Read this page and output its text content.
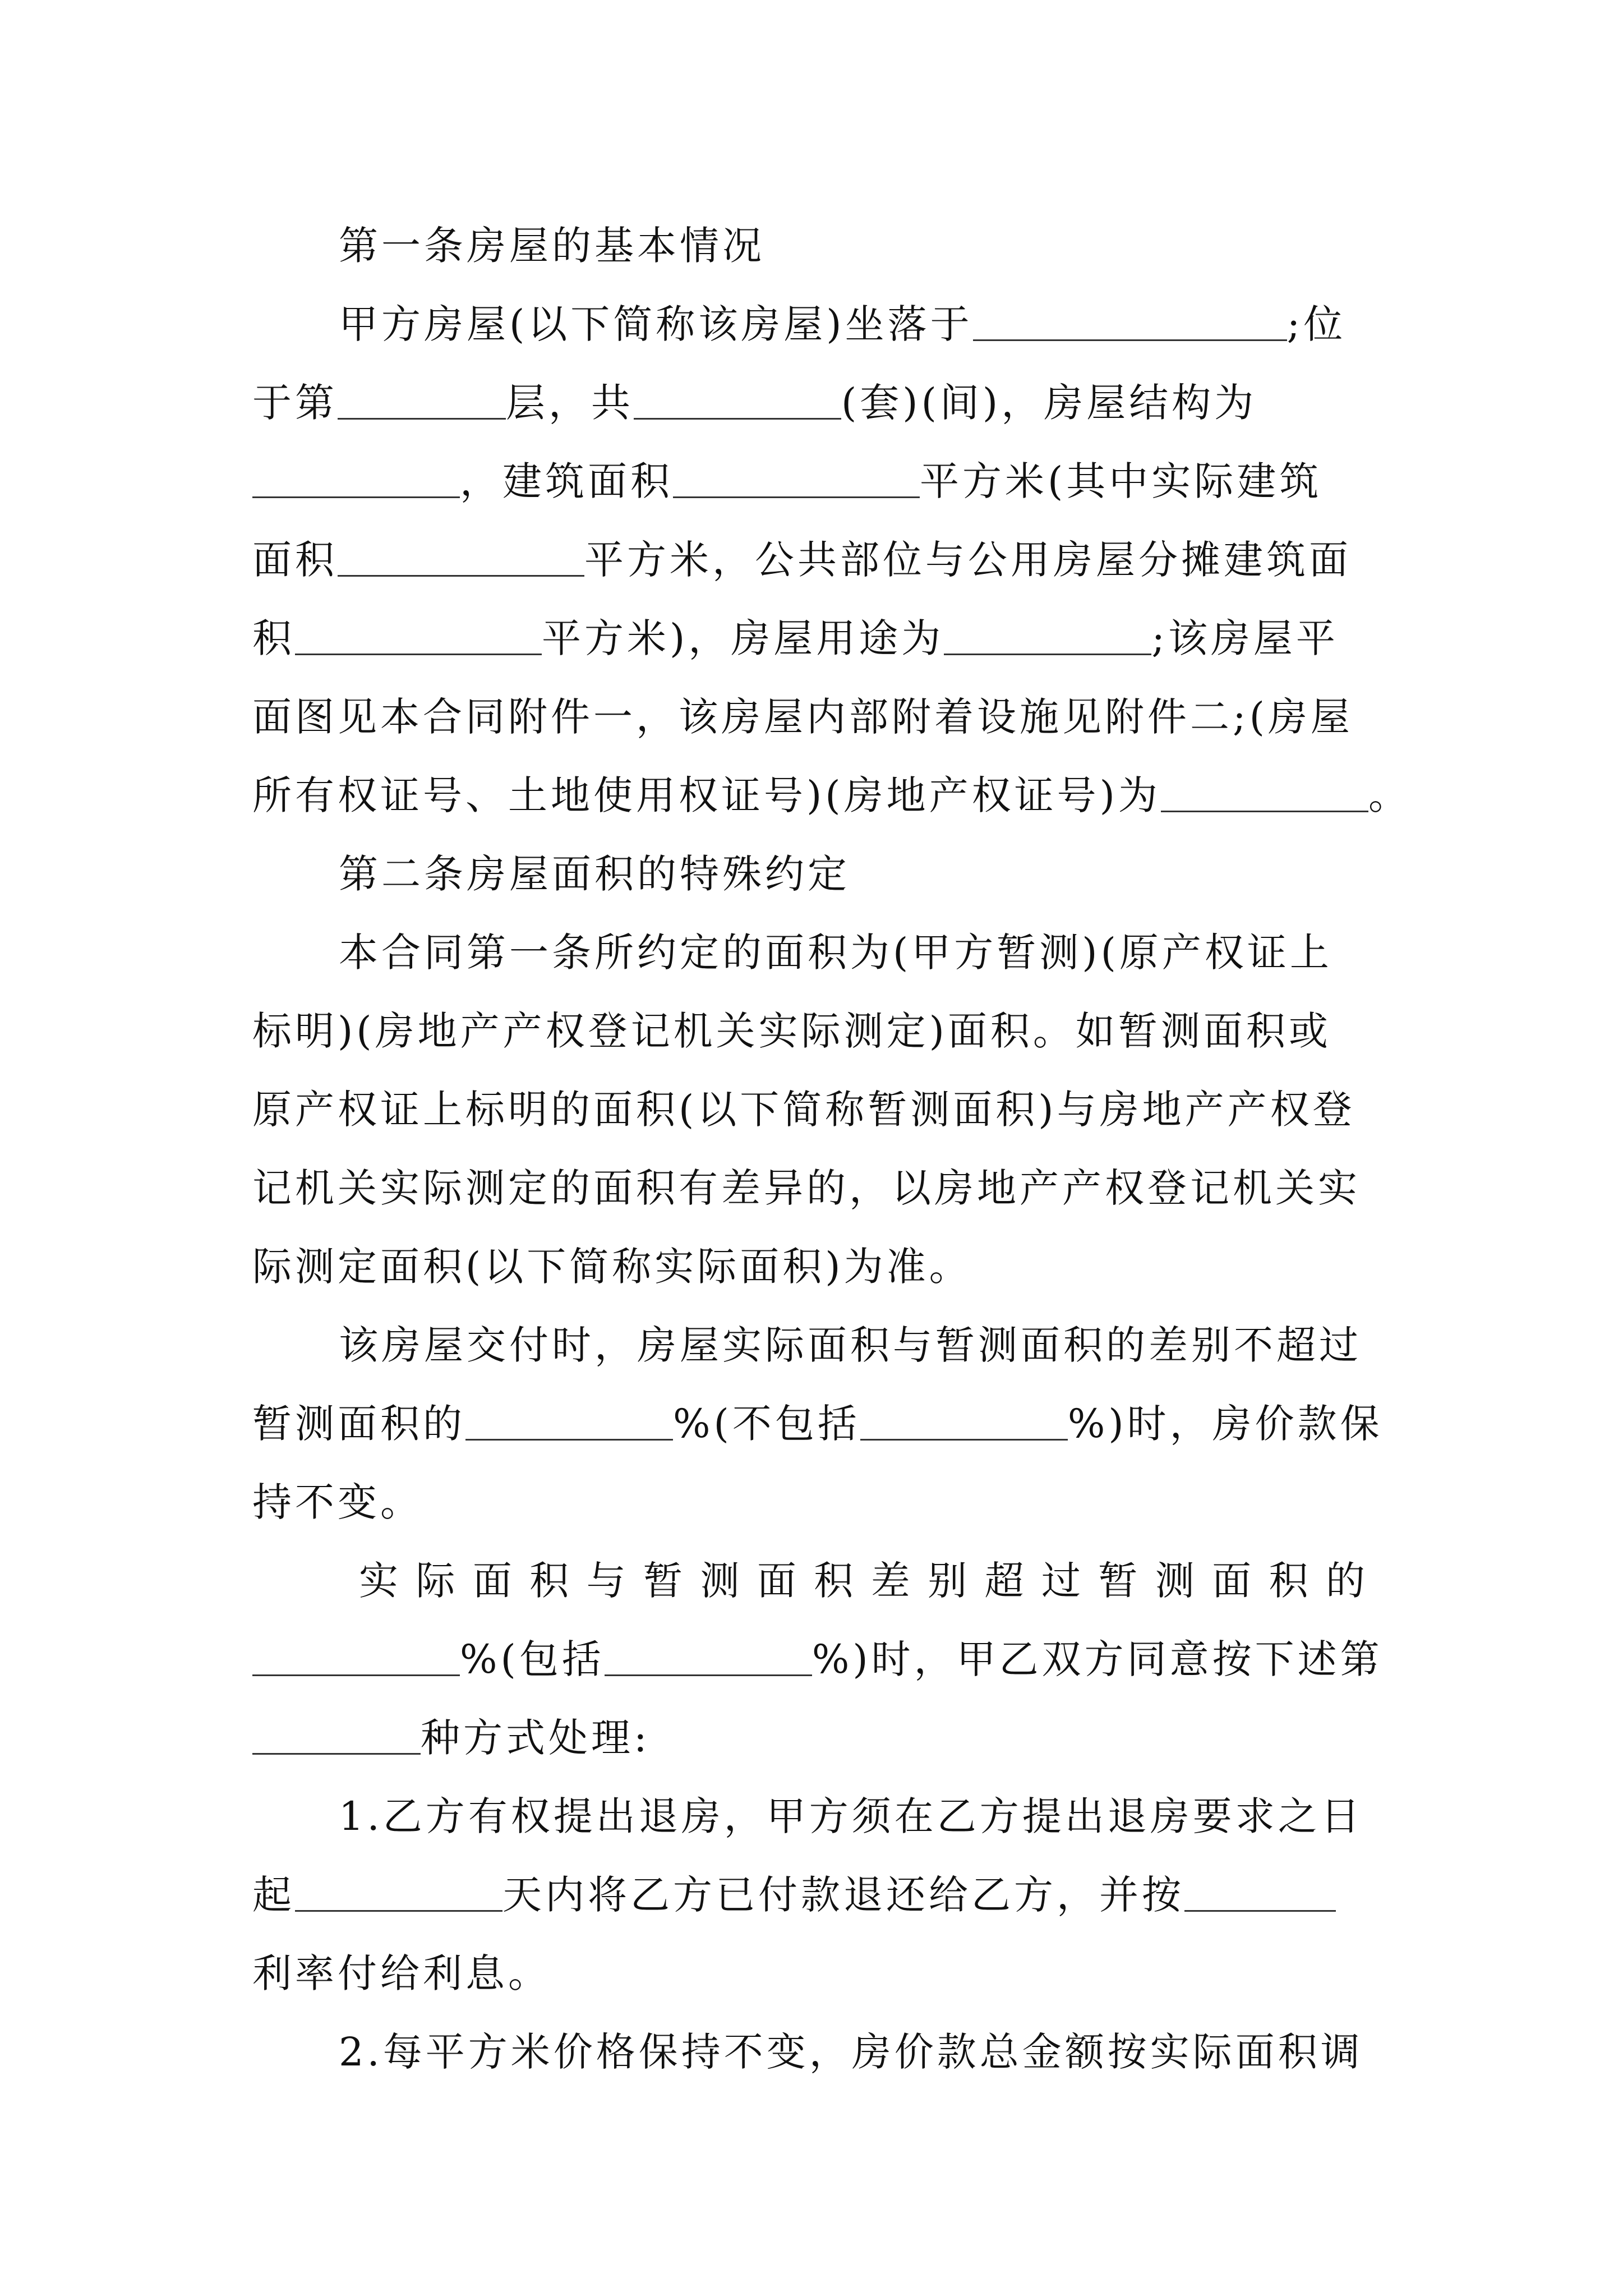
第一条房屋的基本情况

甲方房屋(以下简称该房屋)坐落于	;位

于第	层，共	(套)(间)，房屋结构为

，建筑面积	平方米(其中实际建筑

面积	平方米，公共部位与公用房屋分摊建筑面

积	平方米)，房屋用途为	;该房屋平

面图见本合同附件一，该房屋内部附着设施见附件二;(房屋

所有权证号、土地使用权证号)(房地产权证号)为	。

第二条房屋面积的特殊约定

本合同第一条所约定的面积为(甲方暂测)(原产权证上

标明)(房地产产权登记机关实际测定)面积。如暂测面积或

原产权证上标明的面积(以下简称暂测面积)与房地产产权登

记机关实际测定的面积有差异的，以房地产产权登记机关实

际测定面积(以下简称实际面积)为准。

该房屋交付时，房屋实际面积与暂测面积的差别不超过

暂测面积的	%(不包括	%)时，房价款保

持不变。

实际面积与暂测面积差别超过暂测面积的

%(包括	%)时，甲乙双方同意按下述第

种方式处理:

1.乙方有权提出退房，甲方须在乙方提出退房要求之日

起	天内将乙方已付款退还给乙方，并按

利率付给利息。

2.每平方米价格保持不变，房价款总金额按实际面积调
